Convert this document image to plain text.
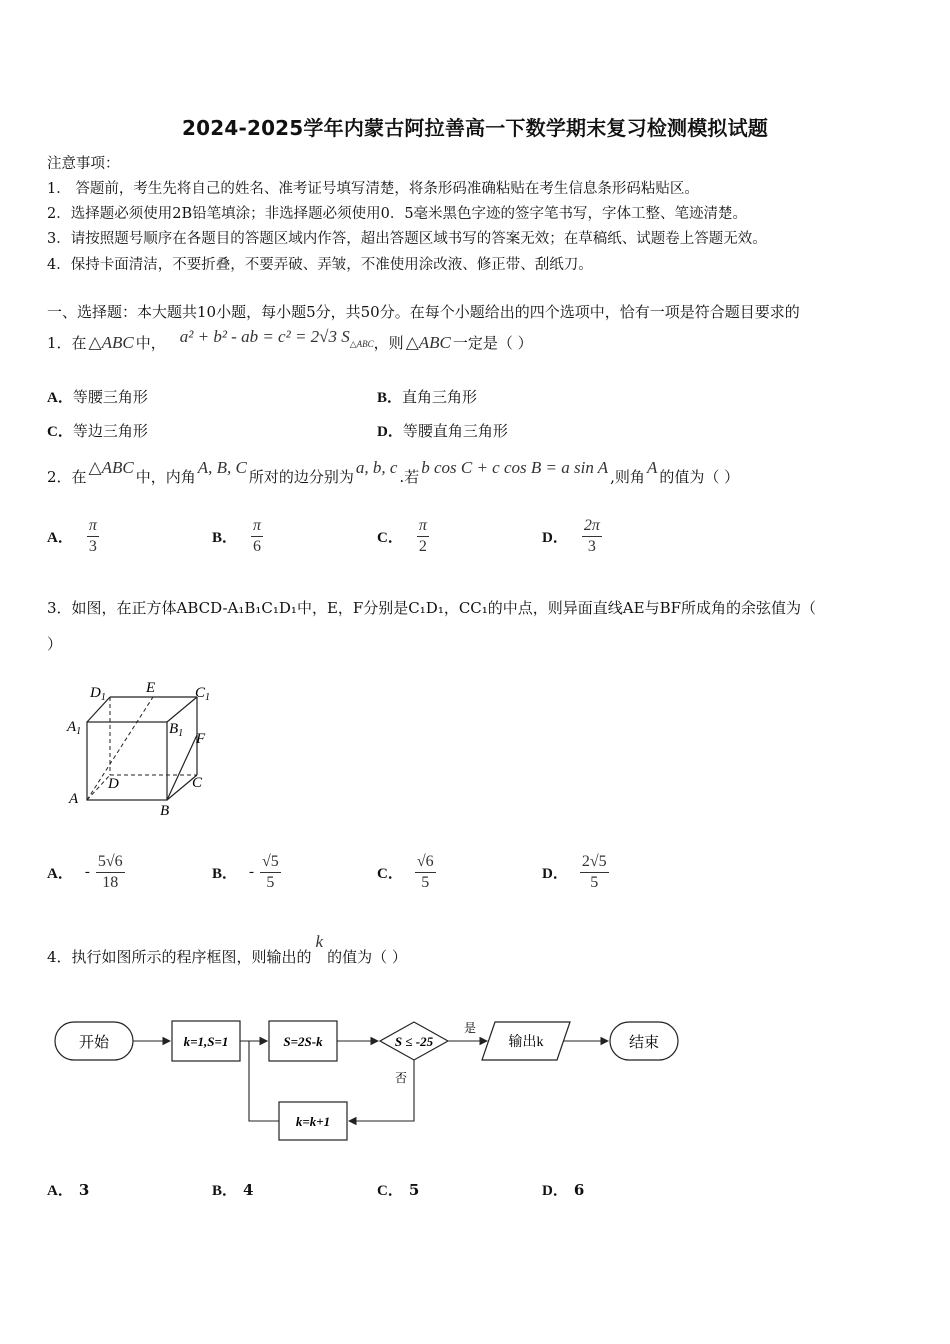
2024-2025学年内蒙古阿拉善高一下数学期末复习检测模拟试题
注意事项：
1． 答题前，考生先将自己的姓名、准考证号填写清楚，将条形码准确粘贴在考生信息条形码粘贴区。
2．选择题必须使用2B铅笔填涂；非选择题必须使用0．5毫米黑色字迹的签字笔书写，字体工整、笔迹清楚。
3．请按照题号顺序在各题目的答题区域内作答，超出答题区域书写的答案无效；在草稿纸、试题卷上答题无效。
4．保持卡面清洁，不要折叠，不要弄破、弄皱，不准使用涂改液、修正带、刮纸刀。
一、选择题：本大题共10小题，每小题5分，共50分。在每个小题给出的四个选项中，恰有一项是符合题目要求的
1．在 △ABC 中， a² + b² - ab = c² = 2√3 S △ABC ，则 △ABC 一定是（ ）
A．等腰三角形	B．直角三角形
C．等边三角形	D．等腰直角三角形
2．在 △ABC 中，内角 A, B, C 所对的边分别为 a, b, c .若 b cos C + c cos B = a sin A ,则角 A 的值为（ ）
A． $\frac{\pi}{3}$	B． $\frac{\pi}{6}$	C． $\frac{\pi}{2}$	D． $\frac{2\pi}{3}$
3．如图，在正方体ABCD-A₁B₁C₁D₁中，E，F分别是C₁D₁，CC₁的中点，则异面直线AE与BF所成角的余弦值为（
）
$D_1$
E	$C_1$
$A_1$	$B_1$ F
D	C
A
B
A． - $\frac{5√6}{18}$	B． - $\frac{√5}{5}$	C． $\frac{√6}{5}$	D． $\frac{2√5}{5}$
4．执行如图所示的程序框图，则输出的
k
的值为（ ）
开始	k=1,S=1	S=2S-k	S ≤ -25
是
否
输出k	结束
k=k+1
A． 3	B． 4	C． 5	D． 6
